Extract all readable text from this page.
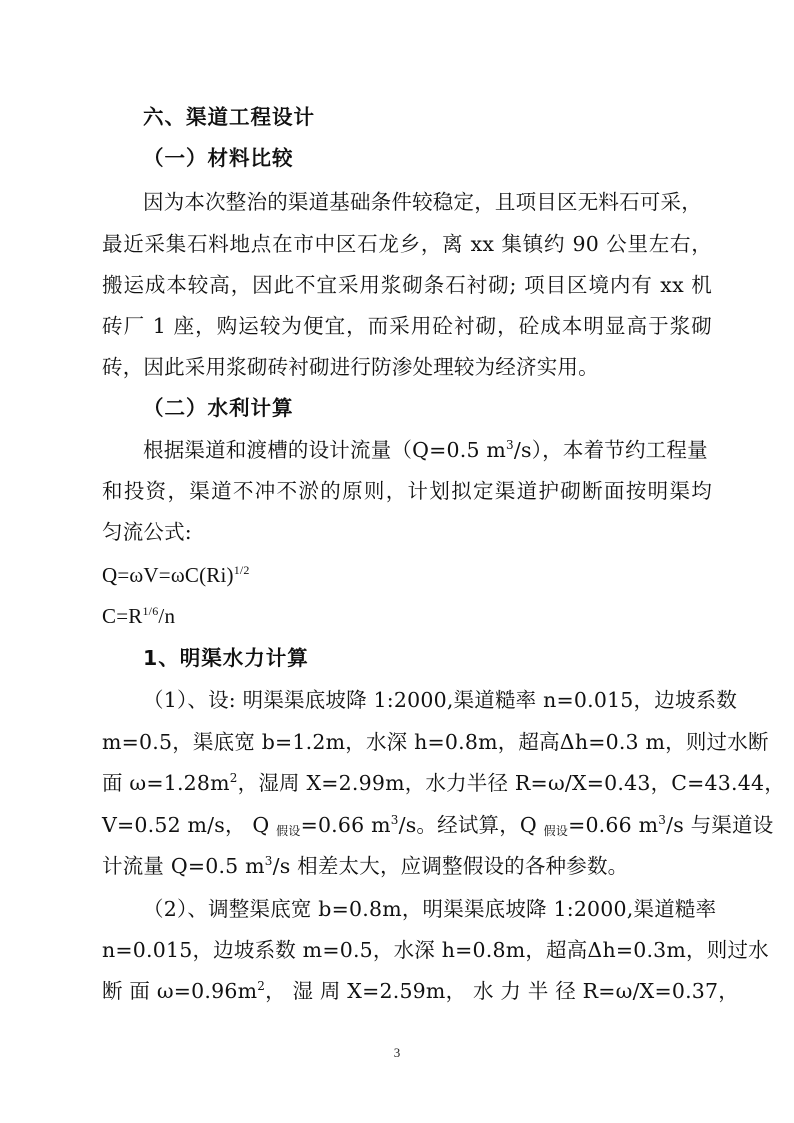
六、渠道工程设计
（一）材料比较
因为本次整治的渠道基础条件较稳定，且项目区无料石可采，
最近采集石料地点在市中区石龙乡，离 xx 集镇约 90 公里左右，
搬运成本较高，因此不宜采用浆砌条石衬砌; 项目区境内有 xx 机
砖厂 1 座，购运较为便宜，而采用砼衬砌，砼成本明显高于浆砌
砖，因此采用浆砌砖衬砌进行防渗处理较为经济实用。
（二）水利计算
根据渠道和渡槽的设计流量（Q=0.5 $m^3/s$），本着节约工程量
和投资，渠道不冲不淤的原则，计划拟定渠道护砌断面按明渠均
匀流公式:
$Q=\omega V=\omega C(Ri)^{1/2}$
$C=R^{1/6}/n$
1、明渠水力计算
（1）、设: 明渠渠底坡降 1:2000,渠道糙率 n=0.015，边坡系数
m=0.5，渠底宽 b=1.2m，水深 h=0.8m，超高Δh=0.3 m，则过水断
面 $\omega=1.28m^2$，湿周 X=2.99m，水力半径 R=ω/X=0.43，C=43.44，
V=0.52 m/s， Q $_{假设}$=0.66 $m^3/s$。经试算，Q $_{假设}$=0.66 $m^3/s$ 与渠道设
计流量 Q=0.5 $m^3/s$ 相差太大，应调整假设的各种参数。
（2）、调整渠底宽 b=0.8m，明渠渠底坡降 1:2000,渠道糙率
n=0.015，边坡系数 m=0.5，水深 h=0.8m，超高Δh=0.3m，则过水
断 面 $\omega=0.96m^2$， 湿 周 X=2.59m， 水 力 半 径 R=ω/X=0.37，
3
